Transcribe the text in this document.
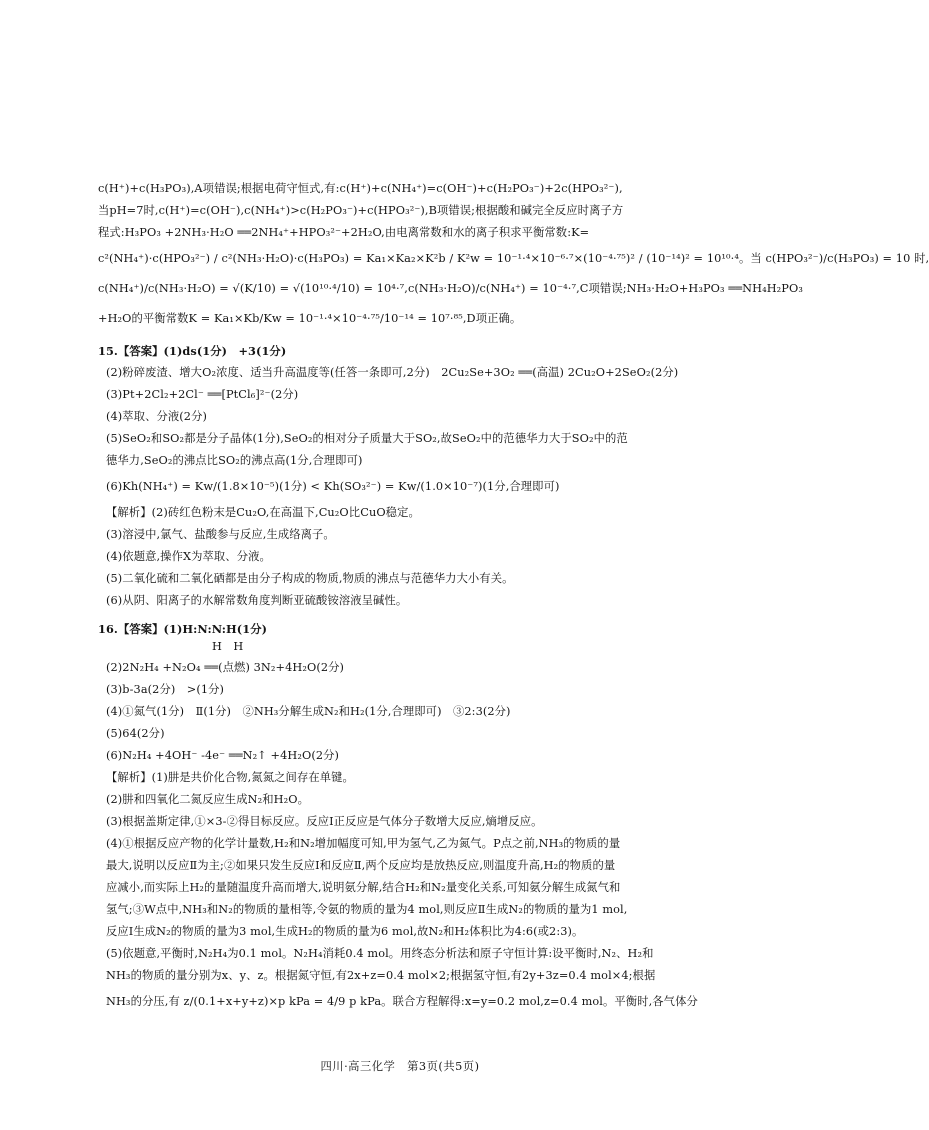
c(H⁺)+c(H₃PO₃),A项错误;根据电荷守恒式,有:c(H⁺)+c(NH₄⁺)=c(OH⁻)+c(H₂PO₃⁻)+2c(HPO₃²⁻),
当pH=7时,c(H⁺)=c(OH⁻),c(NH₄⁺)>c(H₂PO₃⁻)+c(HPO₃²⁻),B项错误;根据酸和碱完全反应时离子方
程式:H₃PO₃ +2NH₃·H₂O ══2NH₄⁺+HPO₃²⁻+2H₂O,由电离常数和水的离子积求平衡常数:K=
c²(NH₄⁺)·c(HPO₃²⁻) / c²(NH₃·H₂O)·c(H₃PO₃) = Ka₁×Ka₂×K²b / K²w = 10⁻¹·⁴×10⁻⁶·⁷×(10⁻⁴·⁷⁵)² / (10⁻¹⁴)² = 10¹⁰·⁴。当 c(HPO₃²⁻)/c(H₃PO₃) = 10 时,
c(NH₄⁺)/c(NH₃·H₂O) = √(K/10) = √(10¹⁰·⁴/10) = 10⁴·⁷,c(NH₃·H₂O)/c(NH₄⁺) = 10⁻⁴·⁷,C项错误;NH₃·H₂O+H₃PO₃ ══NH₄H₂PO₃
+H₂O的平衡常数K = Ka₁×Kb/Kw = 10⁻¹·⁴×10⁻⁴·⁷⁵/10⁻¹⁴ = 10⁷·⁸⁵,D项正确。
15.【答案】(1)ds(1分)　+3(1分)
(2)粉碎废渣、增大O₂浓度、适当升高温度等(任答一条即可,2分)　2Cu₂Se+3O₂ ══(高温) 2Cu₂O+2SeO₂(2分)
(3)Pt+2Cl₂+2Cl⁻ ══[PtCl₆]²⁻(2分)
(4)萃取、分液(2分)
(5)SeO₂和SO₂都是分子晶体(1分),SeO₂的相对分子质量大于SO₂,故SeO₂中的范德华力大于SO₂中的范
德华力,SeO₂的沸点比SO₂的沸点高(1分,合理即可)
(6)Kh(NH₄⁺) = Kw/(1.8×10⁻⁵)(1分) < Kh(SO₃²⁻) = Kw/(1.0×10⁻⁷)(1分,合理即可)
【解析】(2)砖红色粉末是Cu₂O,在高温下,Cu₂O比CuO稳定。
(3)溶浸中,氯气、盐酸参与反应,生成络离子。
(4)依题意,操作X为萃取、分液。
(5)二氧化硫和二氧化硒都是由分子构成的物质,物质的沸点与范德华力大小有关。
(6)从阴、阳离子的水解常数角度判断亚硫酸铵溶液呈碱性。
16.【答案】(1)H:N:N:H(1分)
H　H
(2)2N₂H₄ +N₂O₄ ══(点燃) 3N₂+4H₂O(2分)
(3)b-3a(2分)　>(1分)
(4)①氮气(1分)　Ⅱ(1分)　②NH₃分解生成N₂和H₂(1分,合理即可)　③2:3(2分)
(5)64(2分)
(6)N₂H₄ +4OH⁻ -4e⁻ ══N₂↑ +4H₂O(2分)
【解析】(1)肼是共价化合物,氮氮之间存在单键。
(2)肼和四氧化二氮反应生成N₂和H₂O。
(3)根据盖斯定律,①×3-②得目标反应。反应Ⅰ正反应是气体分子数增大反应,熵增反应。
(4)①根据反应产物的化学计量数,H₂和N₂增加幅度可知,甲为氢气,乙为氮气。P点之前,NH₃的物质的量
最大,说明以反应Ⅱ为主;②如果只发生反应Ⅰ和反应Ⅱ,两个反应均是放热反应,则温度升高,H₂的物质的量
应减小,而实际上H₂的量随温度升高而增大,说明氨分解,结合H₂和N₂量变化关系,可知氨分解生成氮气和
氢气;③W点中,NH₃和N₂的物质的量相等,令氨的物质的量为4 mol,则反应Ⅱ生成N₂的物质的量为1 mol,
反应Ⅰ生成N₂的物质的量为3 mol,生成H₂的物质的量为6 mol,故N₂和H₂体积比为4:6(或2:3)。
(5)依题意,平衡时,N₂H₄为0.1 mol。N₂H₄消耗0.4 mol。用终态分析法和原子守恒计算:设平衡时,N₂、H₂和
NH₃的物质的量分别为x、y、z。根据氮守恒,有2x+z=0.4 mol×2;根据氢守恒,有2y+3z=0.4 mol×4;根据
NH₃的分压,有 z/(0.1+x+y+z)×p kPa = 4/9 p kPa。联合方程解得:x=y=0.2 mol,z=0.4 mol。平衡时,各气体分
四川·高三化学　第3页(共5页)
